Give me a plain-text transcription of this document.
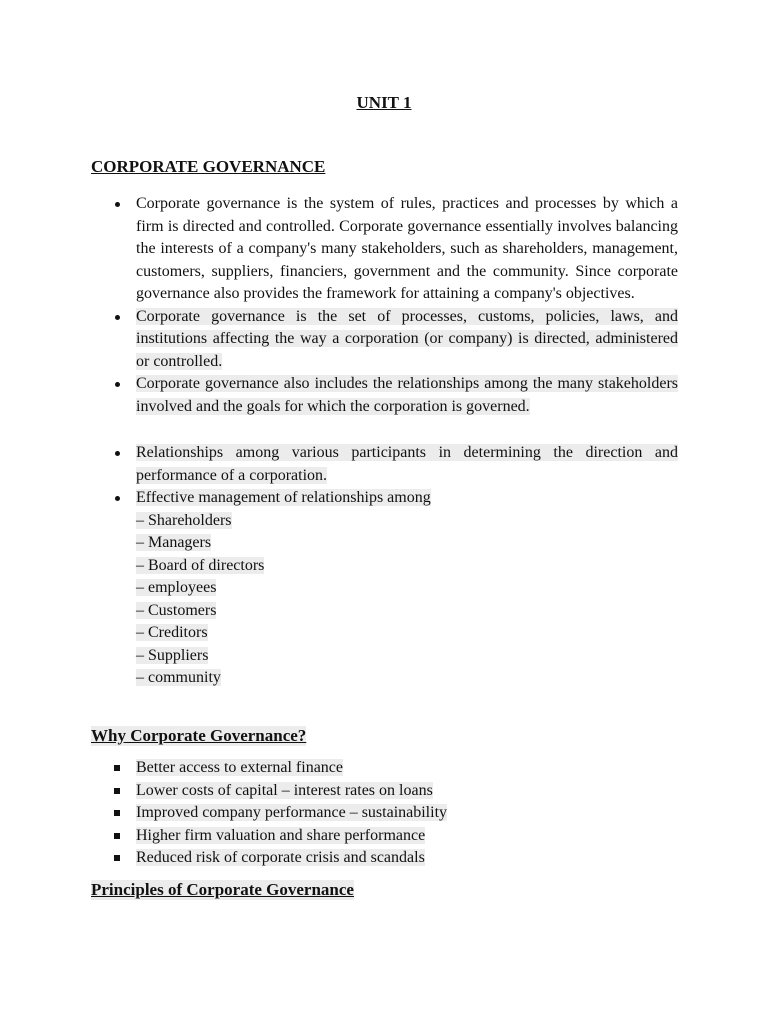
UNIT 1
CORPORATE GOVERNANCE
Corporate governance is the system of rules, practices and processes by which a firm is directed and controlled. Corporate governance essentially involves balancing the interests of a company's many stakeholders, such as shareholders, management, customers, suppliers, financiers, government and the community. Since corporate governance also provides the framework for attaining a company's objectives.
Corporate governance is the set of processes, customs, policies, laws, and institutions affecting the way a corporation (or company) is directed, administered or controlled.
Corporate governance also includes the relationships among the many stakeholders involved and the goals for which the corporation is governed.
Relationships among various participants in determining the direction and performance of a corporation.
Effective management of relationships among
– Shareholders
– Managers
– Board of directors
– employees
– Customers
– Creditors
– Suppliers
– community
Why Corporate Governance?
Better access to external finance
Lower costs of capital – interest rates on loans
Improved company performance – sustainability
Higher firm valuation and share performance
Reduced risk of corporate crisis and scandals
Principles of Corporate Governance
